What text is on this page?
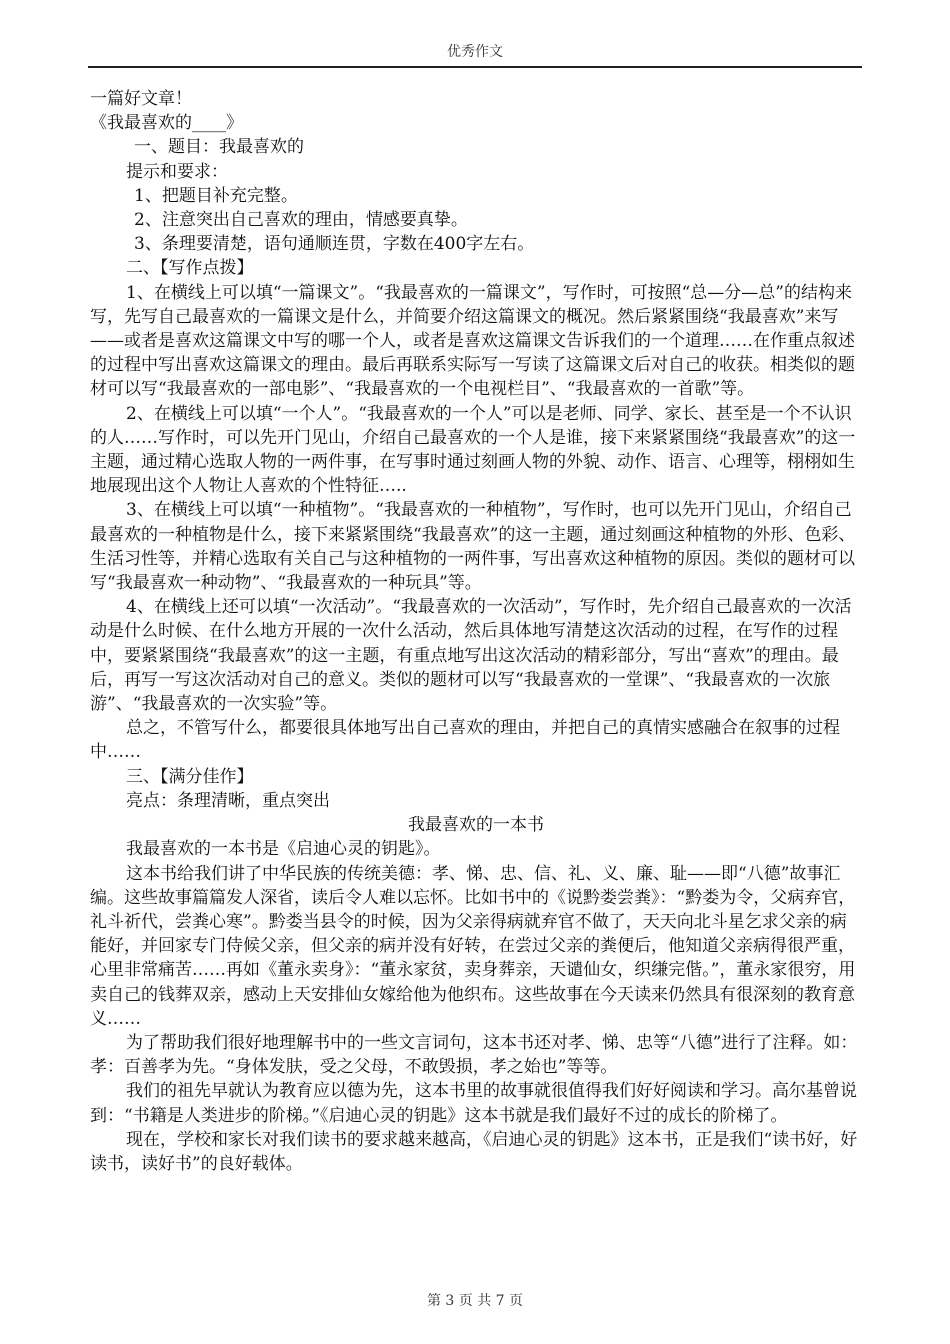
优秀作文

一篇好文章！

《我最喜欢的____》

一、题目：我最喜欢的

提示和要求：

1、把题目补充完整。

2、注意突出自己喜欢的理由，情感要真挚。

3、条理要清楚，语句通顺连贯，字数在400字左右。

二、【写作点拨】

1、在横线上可以填“一篇课文”。“我最喜欢的一篇课文”，写作时，可按照“总—分—总”的结构来写，先写自己最喜欢的一篇课文是什么，并简要介绍这篇课文的概况。然后紧紧围绕“我最喜欢”来写——或者是喜欢这篇课文中写的哪一个人，或者是喜欢这篇课文告诉我们的一个道理……在作重点叙述的过程中写出喜欢这篇课文的理由。最后再联系实际写一写读了这篇课文后对自己的收获。相类似的题材可以写“我最喜欢的一部电影”、“我最喜欢的一个电视栏目”、“我最喜欢的一首歌”等。

2、在横线上可以填“一个人”。“我最喜欢的一个人”可以是老师、同学、家长、甚至是一个不认识的人……写作时，可以先开门见山，介绍自己最喜欢的一个人是谁，接下来紧紧围绕“我最喜欢”的这一主题，通过精心选取人物的一两件事，在写事时通过刻画人物的外貌、动作、语言、心理等，栩栩如生地展现出这个人物让人喜欢的个性特征…..

3、在横线上可以填“一种植物”。“我最喜欢的一种植物”，写作时，也可以先开门见山，介绍自己最喜欢的一种植物是什么，接下来紧紧围绕“我最喜欢”的这一主题，通过刻画这种植物的外形、色彩、生活习性等，并精心选取有关自己与这种植物的一两件事，写出喜欢这种植物的原因。类似的题材可以写“我最喜欢一种动物”、“我最喜欢的一种玩具”等。

4、在横线上还可以填“一次活动”。“我最喜欢的一次活动”，写作时，先介绍自己最喜欢的一次活动是什么时候、在什么地方开展的一次什么活动，然后具体地写清楚这次活动的过程，在写作的过程中，要紧紧围绕“我最喜欢”的这一主题，有重点地写出这次活动的精彩部分，写出“喜欢”的理由。最后，再写一写这次活动对自己的意义。类似的题材可以写“我最喜欢的一堂课”、“我最喜欢的一次旅游”、“我最喜欢的一次实验”等。

总之，不管写什么，都要很具体地写出自己喜欢的理由，并把自己的真情实感融合在叙事的过程中……

三、【满分佳作】

亮点：条理清晰，重点突出

我最喜欢的一本书

我最喜欢的一本书是《启迪心灵的钥匙》。

这本书给我们讲了中华民族的传统美德：孝、悌、忠、信、礼、义、廉、耻——即“八德”故事汇编。这些故事篇篇发人深省，读后令人难以忘怀。比如书中的《说黔娄尝粪》：“黔娄为令，父病弃官，礼斗祈代，尝粪心寒”。黔娄当县令的时候，因为父亲得病就弃官不做了，天天向北斗星乞求父亲的病能好，并回家专门侍候父亲，但父亲的病并没有好转，在尝过父亲的粪便后，他知道父亲病得很严重，心里非常痛苦……再如《董永卖身》：“董永家贫，卖身葬亲，天谴仙女，织缣完偕。”，董永家很穷，用卖自己的钱葬双亲，感动上天安排仙女嫁给他为他织布。这些故事在今天读来仍然具有很深刻的教育意义……

为了帮助我们很好地理解书中的一些文言词句，这本书还对孝、悌、忠等“八德”进行了注释。如：孝：百善孝为先。“身体发肤，受之父母，不敢毁损，孝之始也”等等。

我们的祖先早就认为教育应以德为先，这本书里的故事就很值得我们好好阅读和学习。高尔基曾说到：“书籍是人类进步的阶梯。”《启迪心灵的钥匙》这本书就是我们最好不过的成长的阶梯了。

现在，学校和家长对我们读书的要求越来越高，《启迪心灵的钥匙》这本书，正是我们“读书好，好读书，读好书”的良好载体。

第 3 页 共 7 页
